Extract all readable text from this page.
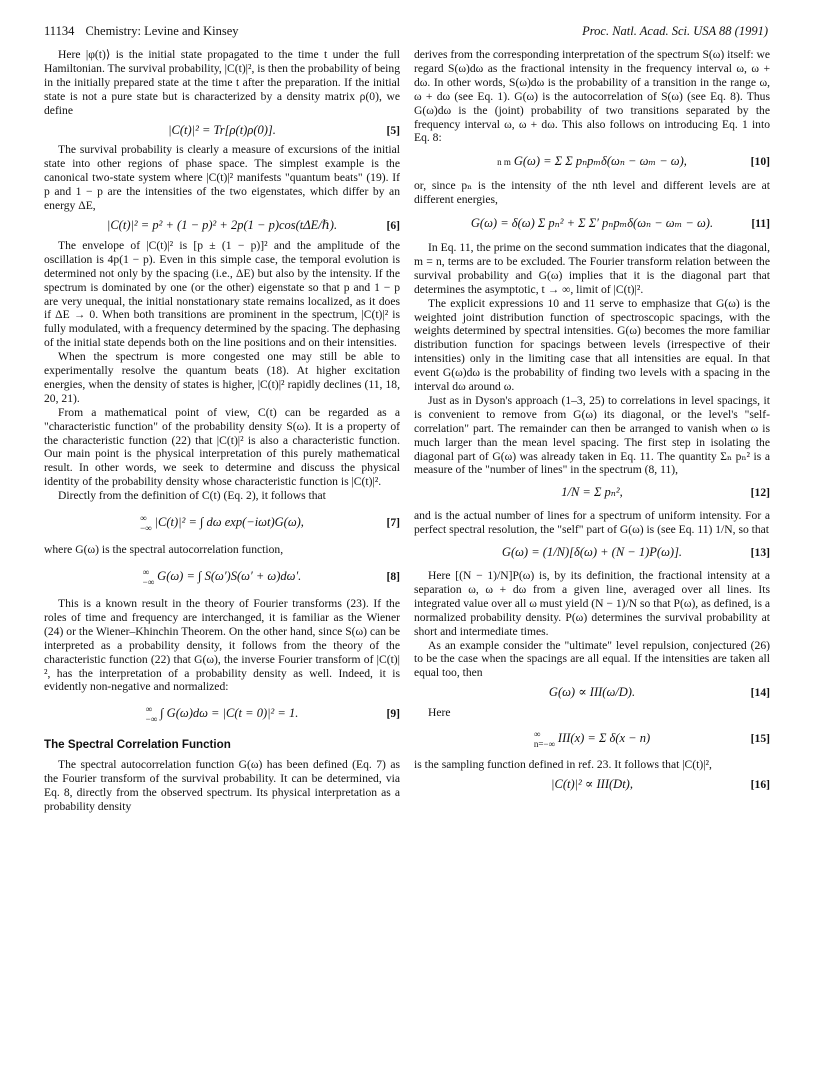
11134 Chemistry: Levine and Kinsey	Proc. Natl. Acad. Sci. USA 88 (1991)

Here |φ(t)⟩ is the initial state propagated to the time t under the full Hamiltonian. The survival probability, |C(t)|², is then the probability of being in the initially prepared state at the time t after the preparation. If the initial state is not a pure state but is characterized by a density matrix ρ(0), we define

|C(t)|² = Tr[ρ(t)ρ(0)].	[5]

The survival probability is clearly a measure of excursions of the initial state into other regions of phase space. The simplest example is the canonical two-state system where |C(t)|² manifests "quantum beats" (19). If p and 1 − p are the intensities of the two eigenstates, which differ by an energy ΔE,

|C(t)|² = p² + (1 − p)² + 2p(1 − p)cos(tΔE/ℏ).	[6]

The envelope of |C(t)|² is [p ± (1 − p)]² and the amplitude of the oscillation is 4p(1 − p). Even in this simple case, the temporal evolution is determined not only by the spacing (i.e., ΔE) but also by the intensity. If the spectrum is dominated by one (or the other) eigenstate so that p and 1 − p are very unequal, the initial nonstationary state remains localized, as it does if ΔE → 0. When both transitions are prominent in the spectrum, |C(t)|² is fully modulated, with a frequency determined by the spacing. The dephasing of the initial state depends both on the line positions and on their intensities.

When the spectrum is more congested one may still be able to experimentally resolve the quantum beats (18). At higher excitation energies, when the density of states is higher, |C(t)|² rapidly declines (11, 18, 20, 21).

From a mathematical point of view, C(t) can be regarded as a "characteristic function" of the probability density S(ω). It is a property of the characteristic function (22) that |C(t)|² is also a characteristic function. Our main point is the physical interpretation of this purely mathematical result. In other words, we seek to determine and discuss the physical identity of the probability density whose characteristic function is |C(t)|².

Directly from the definition of C(t) (Eq. 2), it follows that

∞
−∞ |C(t)|² = ∫ dω exp(−iωt)G(ω),	[7]

where G(ω) is the spectral autocorrelation function,

∞
−∞ G(ω) = ∫ S(ω′)S(ω′ + ω)dω′.	[8]

This is a known result in the theory of Fourier transforms (23). If the roles of time and frequency are interchanged, it is familiar as the Wiener (24) or the Wiener–Khinchin Theorem. On the other hand, since S(ω) can be interpreted as a probability density, it follows from the theory of the characteristic function (22) that G(ω), the inverse Fourier transform of |C(t)|², has the interpretation of a probability density as well. Indeed, it is evidently non-negative and normalized:

∞
−∞ ∫ G(ω)dω = |C(t = 0)|² = 1.	[9]
The Spectral Correlation Function

The spectral autocorrelation function G(ω) has been defined (Eq. 7) as the Fourier transform of the survival probability. It can be determined, via Eq. 8, directly from the observed spectrum. Its physical interpretation as a probability density

derives from the corresponding interpretation of the spectrum S(ω) itself: we regard S(ω)dω as the fractional intensity in the frequency interval ω, ω + dω. In other words, S(ω)dω is the probability of a transition in the range ω, ω + dω (see Eq. 1). G(ω) is the autocorrelation of S(ω) (see Eq. 8). Thus G(ω)dω is the (joint) probability of two transitions separated by the frequency interval ω, ω + dω. This also follows on introducing Eq. 1 into Eq. 8:

n m G(ω) = Σ Σ pₙpₘδ(ωₙ − ωₘ − ω),	[10]

or, since pₙ is the intensity of the nth level and different levels are at different energies,

G(ω) = δ(ω) Σ pₙ² + Σ Σ′ pₙpₘδ(ωₙ − ωₘ − ω).	[11]

In Eq. 11, the prime on the second summation indicates that the diagonal, m = n, terms are to be excluded. The Fourier transform relation between the survival probability and G(ω) implies that it is the diagonal part that determines the asymptotic, t → ∞, limit of |C(t)|².

The explicit expressions 10 and 11 serve to emphasize that G(ω) is the weighted joint distribution function of spectroscopic spacings, with the weights determined by spectral intensities. G(ω) becomes the more familiar distribution function for spacings between levels (irrespective of their intensities) only in the limiting case that all intensities are equal. In that event G(ω)dω is the probability of finding two levels with a spacing in the interval dω around ω.

Just as in Dyson's approach (1–3, 25) to correlations in level spacings, it is convenient to remove from G(ω) its diagonal, or the level's "self-correlation" part. The remainder can then be arranged to vanish when ω is much larger than the mean level spacing. The first step in isolating the diagonal part of G(ω) was already taken in Eq. 11. The quantity Σₙ pₙ² is a measure of the "number of lines" in the spectrum (8, 11),

1/N = Σ pₙ²,	[12]

and is the actual number of lines for a spectrum of uniform intensity. For a perfect spectral resolution, the "self" part of G(ω) is (see Eq. 11) 1/N, so that

G(ω) = (1/N)[δ(ω) + (N − 1)P(ω)].	[13]

Here [(N − 1)/N]P(ω) is, by its definition, the fractional intensity at a separation ω, ω + dω from a given line, averaged over all lines. Its integrated value over all ω must yield (N − 1)/N so that P(ω), as defined, is a normalized probability density. P(ω) determines the survival probability at short and intermediate times.

As an example consider the "ultimate" level repulsion, conjectured (26) to be the case when the spacings are all equal. If the intensities are taken all equal too, then

G(ω) ∝ III(ω/D).	[14]

Here

∞
n=−∞ III(x) = Σ δ(x − n)	[15]

is the sampling function defined in ref. 23. It follows that |C(t)|²,

|C(t)|² ∝ III(Dt),	[16]
